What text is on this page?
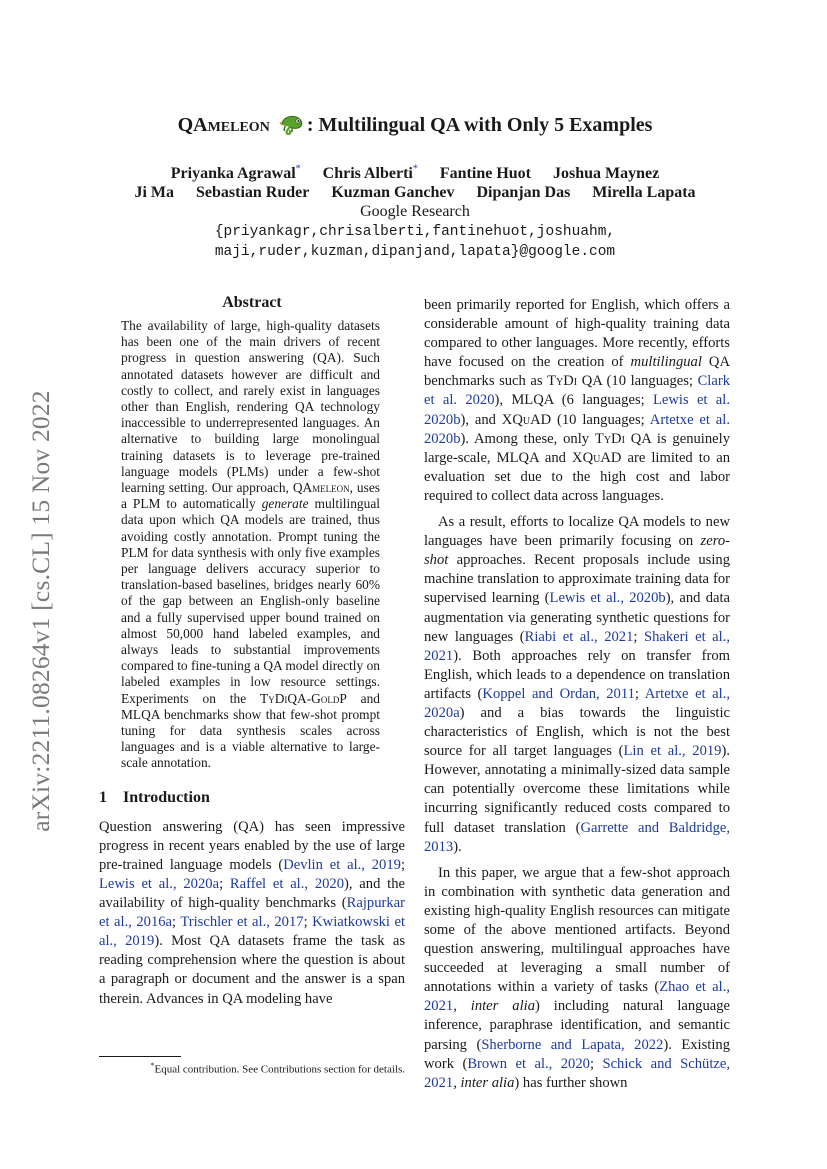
arXiv:2211.08264v1 [cs.CL] 15 Nov 2022
QAmeleon : Multilingual QA with Only 5 Examples
Priyanka Agrawal* Chris Alberti* Fantine Huot Joshua Maynez
Ji Ma Sebastian Ruder Kuzman Ganchev Dipanjan Das Mirella Lapata
Google Research
{priyankagr,chrisalberti,fantinehuot,joshuahm,
maji,ruder,kuzman,dipanjand,lapata}@google.com
Abstract

The availability of large, high-quality datasets has been one of the main drivers of recent progress in question answering (QA). Such annotated datasets however are difficult and costly to collect, and rarely exist in languages other than English, rendering QA technology inaccessible to underrepresented languages. An alternative to building large monolingual training datasets is to leverage pre-trained language models (PLMs) under a few-shot learning setting. Our approach, QAmeleon, uses a PLM to automatically generate multilingual data upon which QA models are trained, thus avoiding costly annotation. Prompt tuning the PLM for data synthesis with only five examples per language delivers accuracy superior to translation-based baselines, bridges nearly 60% of the gap between an English-only baseline and a fully supervised upper bound trained on almost 50,000 hand labeled examples, and always leads to substantial improvements compared to fine-tuning a QA model directly on labeled examples in low resource settings. Experiments on the TyDiQA-GoldP and MLQA benchmarks show that few-shot prompt tuning for data synthesis scales across languages and is a viable alternative to large-scale annotation.

1 Introduction

Question answering (QA) has seen impressive progress in recent years enabled by the use of large pre-trained language models (Devlin et al., 2019; Lewis et al., 2020a; Raffel et al., 2020), and the availability of high-quality benchmarks (Rajpurkar et al., 2016a; Trischler et al., 2017; Kwiatkowski et al., 2019). Most QA datasets frame the task as reading comprehension where the question is about a paragraph or document and the answer is a span therein. Advances in QA modeling have

been primarily reported for English, which offers a considerable amount of high-quality training data compared to other languages. More recently, efforts have focused on the creation of multilingual QA benchmarks such as TyDi QA (10 languages; Clark et al. 2020), MLQA (6 languages; Lewis et al. 2020b), and XQuAD (10 languages; Artetxe et al. 2020b). Among these, only TyDi QA is genuinely large-scale, MLQA and XQuAD are limited to an evaluation set due to the high cost and labor required to collect data across languages.

As a result, efforts to localize QA models to new languages have been primarily focusing on zero-shot approaches. Recent proposals include using machine translation to approximate training data for supervised learning (Lewis et al., 2020b), and data augmentation via generating synthetic questions for new languages (Riabi et al., 2021; Shakeri et al., 2021). Both approaches rely on transfer from English, which leads to a dependence on translation artifacts (Koppel and Ordan, 2011; Artetxe et al., 2020a) and a bias towards the linguistic characteristics of English, which is not the best source for all target languages (Lin et al., 2019). However, annotating a minimally-sized data sample can potentially overcome these limitations while incurring significantly reduced costs compared to full dataset translation (Garrette and Baldridge, 2013).

In this paper, we argue that a few-shot approach in combination with synthetic data generation and existing high-quality English resources can mitigate some of the above mentioned artifacts. Beyond question answering, multilingual approaches have succeeded at leveraging a small number of annotations within a variety of tasks (Zhao et al., 2021, inter alia) including natural language inference, paraphrase identification, and semantic parsing (Sherborne and Lapata, 2022). Existing work (Brown et al., 2020; Schick and Schütze, 2021, inter alia) has further shown

*Equal contribution. See Contributions section for details.
